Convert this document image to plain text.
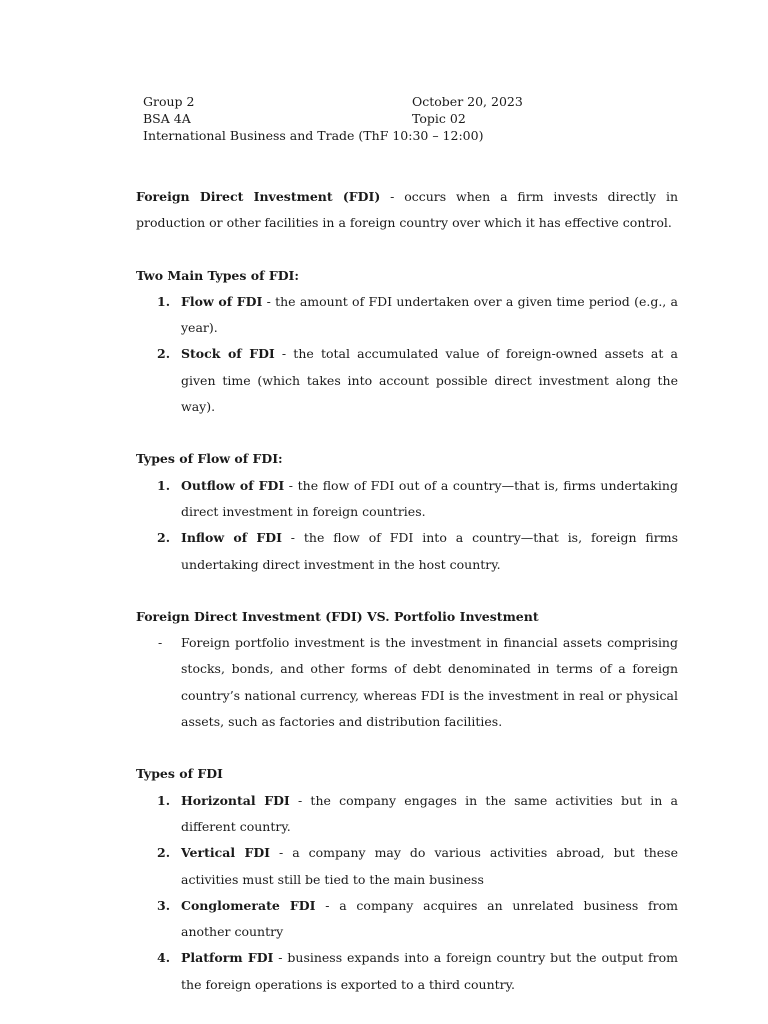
Group 2	October 20, 2023
BSA 4A	Topic 02
International Business and Trade (ThF 10:30 – 12:00)

Foreign Direct Investment (FDI) - occurs when a firm invests directly in production or other facilities in a foreign country over which it has effective control.

Two Main Types of FDI:

1. Flow of FDI - the amount of FDI undertaken over a given time period (e.g., a year).
2. Stock of FDI - the total accumulated value of foreign-owned assets at a given time (which takes into account possible direct investment along the way).

Types of Flow of FDI:

1. Outflow of FDI - the flow of FDI out of a country—that is, firms undertaking direct investment in foreign countries.
2. Inflow of FDI - the flow of FDI into a country—that is, foreign firms undertaking direct investment in the host country.

Foreign Direct Investment (FDI) VS. Portfolio Investment

- Foreign portfolio investment is the investment in financial assets comprising stocks, bonds, and other forms of debt denominated in terms of a foreign country’s national currency, whereas FDI is the investment in real or physical assets, such as factories and distribution facilities.

Types of FDI

1. Horizontal FDI - the company engages in the same activities but in a different country.
2. Vertical FDI - a company may do various activities abroad, but these activities must still be tied to the main business
3. Conglomerate FDI - a company acquires an unrelated business from another country
4. Platform FDI - business expands into a foreign country but the output from the foreign operations is exported to a third country.
